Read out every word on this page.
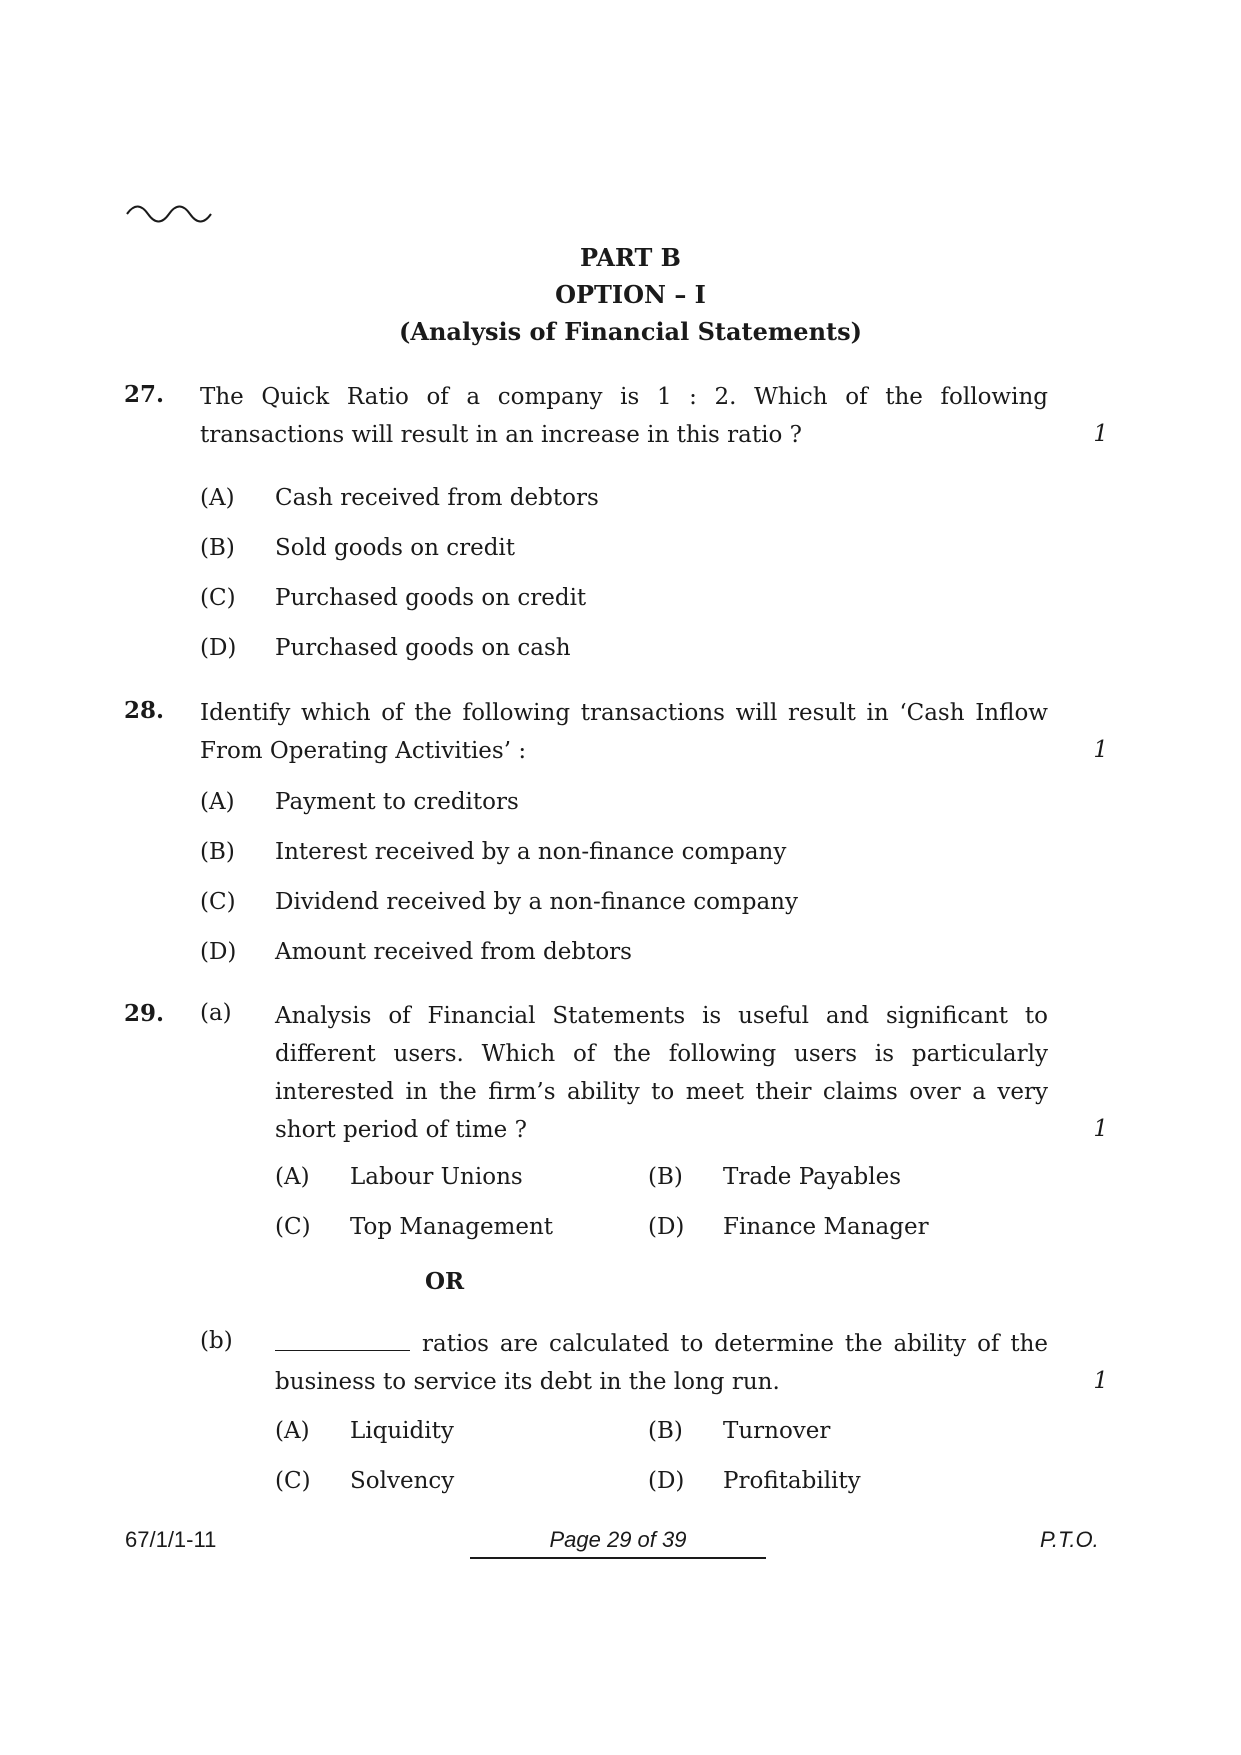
PART B
OPTION – I
(Analysis of Financial Statements)
27. The Quick Ratio of a company is 1 : 2. Which of the following transactions will result in an increase in this ratio ?	1
(A) Cash received from debtors
(B) Sold goods on credit
(C) Purchased goods on credit
(D) Purchased goods on cash
28. Identify which of the following transactions will result in ‘Cash Inflow From Operating Activities’ :	1
(A) Payment to creditors
(B) Interest received by a non-finance company
(C) Dividend received by a non-finance company
(D) Amount received from debtors
29. (a) Analysis of Financial Statements is useful and significant to different users. Which of the following users is particularly interested in the firm’s ability to meet their claims over a very short period of time ?	1
(A) Labour Unions	(B) Trade Payables
(C) Top Management	(D) Finance Manager
OR
(b)	ratios are calculated to determine the ability of the business to service its debt in the long run.	1
(A) Liquidity	(B) Turnover
(C) Solvency	(D) Profitability
67/1/1-11	Page 29 of 39	P.T.O.
